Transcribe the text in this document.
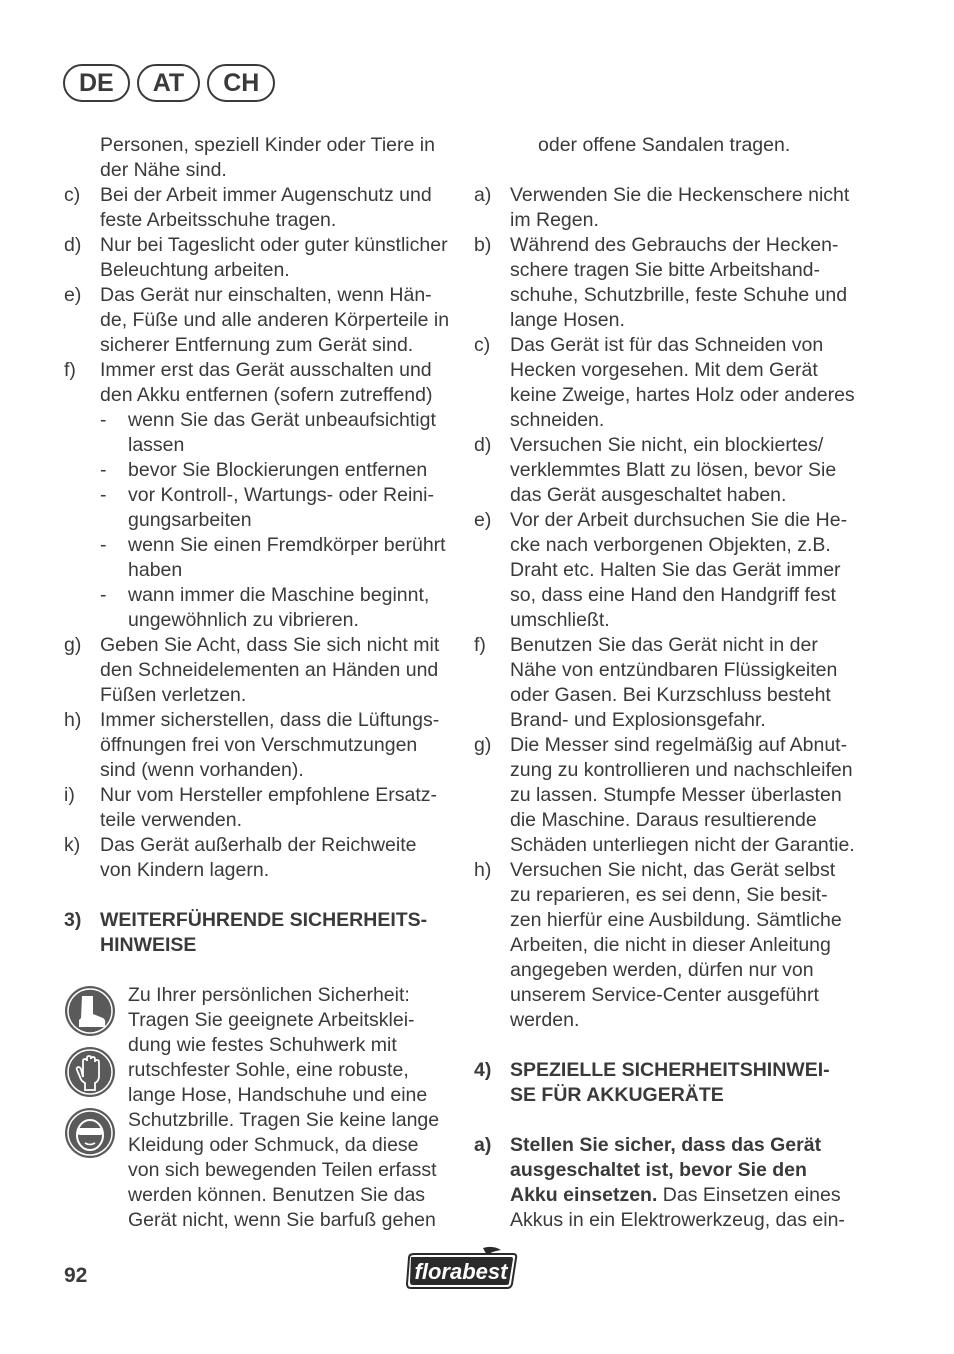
DE	AT	CH
Personen, speziell Kinder oder Tiere in
der Nähe sind.
c)	Bei der Arbeit immer Augenschutz und
feste Arbeitsschuhe tragen.
d) Nur bei Tageslicht oder guter künstlicher
Beleuchtung arbeiten.
e) Das Gerät nur einschalten, wenn Hän-
de, Füße und alle anderen Körperteile in
sicherer Entfernung zum Gerät sind.
f)	Immer erst das Gerät ausschalten und
den Akku entfernen (sofern zutreffend)
-	wenn Sie das Gerät unbeaufsichtigt
lassen
-	bevor Sie Blockierungen entfernen
-	vor Kontroll-, Wartungs- oder Reini-
gungsarbeiten
-	wenn Sie einen Fremdkörper berührt
haben
-	wann immer die Maschine beginnt,
ungewöhnlich zu vibrieren.
g) Geben Sie Acht, dass Sie sich nicht mit
den Schneidelementen an Händen und
Füßen verletzen.
h) Immer sicherstellen, dass die Lüftungs-
öffnungen frei von Verschmutzungen
sind (wenn vorhanden).
i)	Nur vom Hersteller empfohlene Ersatz-
teile verwenden.
k)	Das Gerät außerhalb der Reichweite
von Kindern lagern.
3) WEITERFÜHRENDE SICHERHEITS-
HINWEISE
Zu Ihrer persönlichen Sicherheit:
Tragen Sie geeignete Arbeitsklei-
dung wie festes Schuhwerk mit
rutschfester Sohle, eine robuste,
lange Hose, Handschuhe und eine
Schutzbrille. Tragen Sie keine lange
Kleidung oder Schmuck, da diese
von sich bewegenden Teilen erfasst
werden können. Benutzen Sie das
Gerät nicht, wenn Sie barfuß gehen
oder offene Sandalen tragen.
a) Verwenden Sie die Heckenschere nicht
im Regen.
b) Während des Gebrauchs der Hecken-
schere tragen Sie bitte Arbeitshand-
schuhe, Schutzbrille, feste Schuhe und
lange Hosen.
c)	Das Gerät ist für das Schneiden von
Hecken vorgesehen. Mit dem Gerät
keine Zweige, hartes Holz oder anderes
schneiden.
d) Versuchen Sie nicht, ein blockiertes/
verklemmtes Blatt zu lösen, bevor Sie
das Gerät ausgeschaltet haben.
e) Vor der Arbeit durchsuchen Sie die He-
cke nach verborgenen Objekten, z.B.
Draht etc. Halten Sie das Gerät immer
so, dass eine Hand den Handgriff fest
umschließt.
f)	Benutzen Sie das Gerät nicht in der
Nähe von entzündbaren Flüssigkeiten
oder Gasen. Bei Kurzschluss besteht
Brand- und Explosionsgefahr.
g) Die Messer sind regelmäßig auf Abnut-
zung zu kontrollieren und nachschleifen
zu lassen. Stumpfe Messer überlasten
die Maschine. Daraus resultierende
Schäden unterliegen nicht der Garantie.
h) Versuchen Sie nicht, das Gerät selbst
zu reparieren, es sei denn, Sie besit-
zen hierfür eine Ausbildung. Sämtliche
Arbeiten, die nicht in dieser Anleitung
angegeben werden, dürfen nur von
unserem Service-Center ausgeführt
werden.
4) SPEZIELLE SICHERHEITSHINWEI-
SE FÜR AKKUGERÄTE
a) Stellen Sie sicher, dass das Gerät
ausgeschaltet ist, bevor Sie den
Akku einsetzen. Das Einsetzen eines
Akkus in ein Elektrowerkzeug, das ein-
92	florabest
